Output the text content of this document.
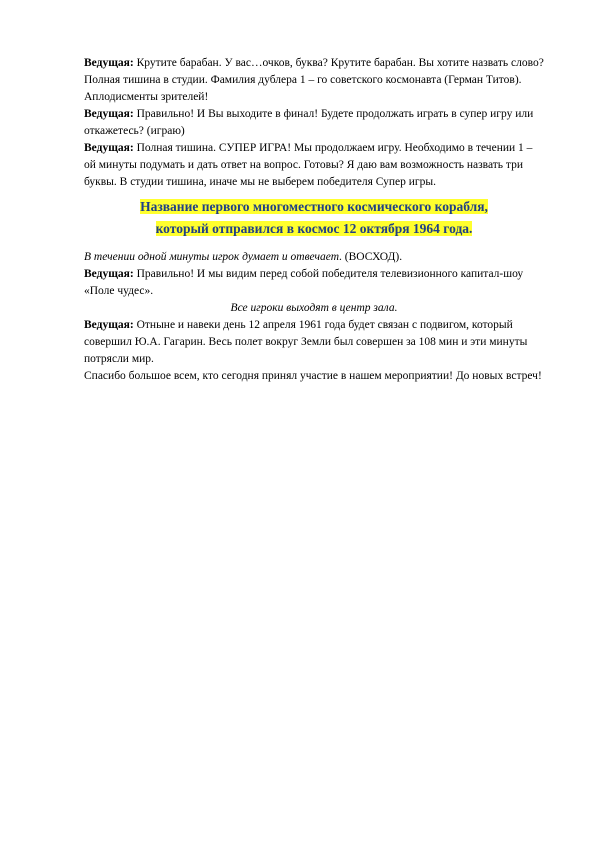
Ведущая: Крутите барабан. У вас…очков, буква? Крутите барабан. Вы хотите назвать слово? Полная тишина в студии. Фамилия дублера 1 – го советского космонавта (Герман Титов). Аплодисменты зрителей!

Ведущая: Правильно! И Вы выходите в финал! Будете продолжать играть в супер игру или откажетесь? (играю)

Ведущая: Полная тишина. СУПЕР ИГРА! Мы продолжаем игру. Необходимо в течении 1 – ой минуты подумать и дать ответ на вопрос. Готовы? Я даю вам возможность назвать три буквы. В студии тишина, иначе мы не выберем победителя Супер игры.

Название первого многоместного космического корабля,
который отправился в космос 12 октября 1964 года.

В течении одной минуты игрок думает и отвечает. (ВОСХОД).

Ведущая: Правильно! И мы видим перед собой победителя телевизионного капитал-шоу «Поле чудес».

Все игроки выходят в центр зала.

Ведущая: Отныне и навеки день 12 апреля 1961 года будет связан с подвигом, который совершил Ю.А. Гагарин. Весь полет вокруг Земли был совершен за 108 мин и эти минуты потрясли мир.

Спасибо большое всем, кто сегодня принял участие в нашем мероприятии! До новых встреч!
